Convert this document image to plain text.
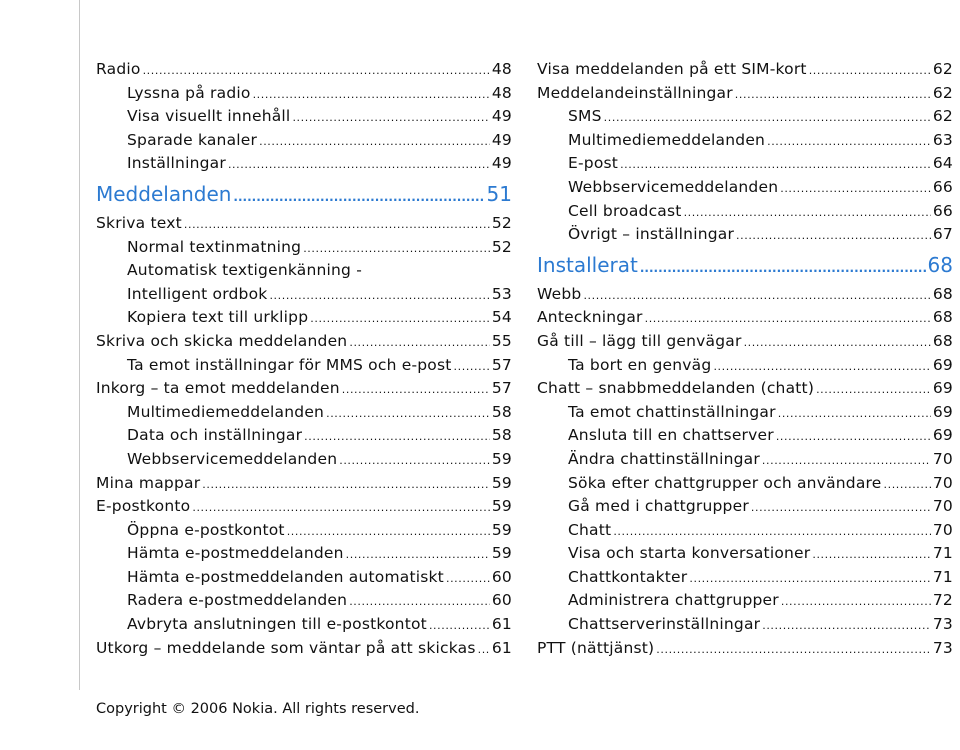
Radio .....	48
Lyssna på radio .....	48
Visa visuellt innehåll .....	49
Sparade kanaler .....	49
Inställningar .....	49
Meddelanden .....	51
Skriva text .....	52
Normal textinmatning .....	52
Automatisk textigenkänning -
Intelligent ordbok .....	53
Kopiera text till urklipp .....	54
Skriva och skicka meddelanden .....	55
Ta emot inställningar för MMS och e-post .....	57
Inkorg – ta emot meddelanden .....	57
Multimediemeddelanden .....	58
Data och inställningar .....	58
Webbservicemeddelanden .....	59
Mina mappar .....	59
E-postkonto .....	59
Öppna e-postkontot .....	59
Hämta e-postmeddelanden .....	59
Hämta e-postmeddelanden automatiskt .....	60
Radera e-postmeddelanden .....	60
Avbryta anslutningen till e-postkontot .....	61
Utkorg – meddelande som väntar på att skickas ..... 61
Visa meddelanden på ett SIM-kort .....	62
Meddelandeinställningar .....	62
SMS .....	62
Multimediemeddelanden .....	63
E-post .....	64
Webbservicemeddelanden .....	66
Cell broadcast .....	66
Övrigt – inställningar .....	67
Installerat .....	68
Webb .....	68
Anteckningar .....	68
Gå till – lägg till genvägar .....	68
Ta bort en genväg .....	69
Chatt – snabbmeddelanden (chatt) .....	69
Ta emot chattinställningar .....	69
Ansluta till en chattserver .....	69
Ändra chattinställningar .....	70
Söka efter chattgrupper och användare .....	70
Gå med i chattgrupper .....	70
Chatt .....	70
Visa och starta konversationer .....	71
Chattkontakter .....	71
Administrera chattgrupper .....	72
Chattserverinställningar .....	73
PTT (nättjänst) .....	73
Copyright © 2006 Nokia. All rights reserved.
